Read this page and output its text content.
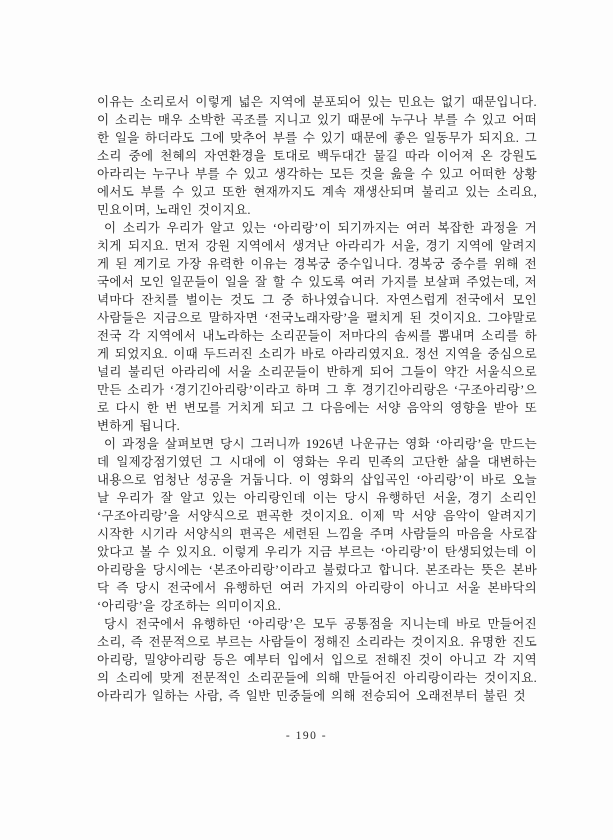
이유는 소리로서 이렇게 넓은 지역에 분포되어 있는 민요는 없기 때문입니다. 이 소리는 매우 소박한 곡조를 지니고 있기 때문에 누구나 부를 수 있고 어떠한 일을 하더라도 그에 맞추어 부를 수 있기 때문에 좋은 일동무가 되지요. 그 소리 중에 천혜의 자연환경을 토대로 백두대간 물길 따라 이어져 온 강원도 아라리는 누구나 부를 수 있고 생각하는 모든 것을 읊을 수 있고 어떠한 상황에서도 부를 수 있고 또한 현재까지도 계속 재생산되며 불리고 있는 소리요, 민요이며, 노래인 것이지요.

이 소리가 우리가 알고 있는 ‘아리랑’이 되기까지는 여러 복잡한 과정을 거치게 되지요. 먼저 강원 지역에서 생겨난 아라리가 서울, 경기 지역에 알려지게 된 계기로 가장 유력한 이유는 경복궁 중수입니다. 경복궁 중수를 위해 전국에서 모인 일꾼들이 일을 잘 할 수 있도록 여러 가지를 보살펴 주었는데, 저녁마다 잔치를 벌이는 것도 그 중 하나였습니다. 자연스럽게 전국에서 모인 사람들은 지금으로 말하자면 ‘전국노래자랑’을 펼치게 된 것이지요. 그야말로 전국 각 지역에서 내노라하는 소리꾼들이 저마다의 솜씨를 뽐내며 소리를 하게 되었지요. 이때 두드러진 소리가 바로 아라리였지요. 정선 지역을 중심으로 널리 불리던 아라리에 서울 소리꾼들이 반하게 되어 그들이 약간 서울식으로 만든 소리가 ‘경기긴아리랑’이라고 하며 그 후 경기긴아리랑은 ‘구조아리랑’으로 다시 한 번 변모를 거치게 되고 그 다음에는 서양 음악의 영향을 받아 또 변하게 됩니다.

이 과정을 살펴보면 당시 그러니까 1926년 나운규는 영화 ‘아리랑’을 만드는데 일제강점기였던 그 시대에 이 영화는 우리 민족의 고단한 삶을 대변하는 내용으로 엄청난 성공을 거둡니다. 이 영화의 삽입곡인 ‘아리랑’이 바로 오늘날 우리가 잘 알고 있는 아리랑인데 이는 당시 유행하던 서울, 경기 소리인 ‘구조아리랑’을 서양식으로 편곡한 것이지요. 이제 막 서양 음악이 알려지기 시작한 시기라 서양식의 편곡은 세련된 느낌을 주며 사람들의 마음을 사로잡았다고 볼 수 있지요. 이렇게 우리가 지금 부르는 ‘아리랑’이 탄생되었는데 이 아리랑을 당시에는 ‘본조아리랑’이라고 불렀다고 합니다. 본조라는 뜻은 본바닥 즉 당시 전국에서 유행하던 여러 가지의 아리랑이 아니고 서울 본바닥의 ‘아리랑’을 강조하는 의미이지요.

당시 전국에서 유행하던 ‘아리랑’은 모두 공통점을 지니는데 바로 만들어진 소리, 즉 전문적으로 부르는 사람들이 정해진 소리라는 것이지요. 유명한 진도아리랑, 밀양아리랑 등은 예부터 입에서 입으로 전해진 것이 아니고 각 지역의 소리에 맞게 전문적인 소리꾼들에 의해 만들어진 아리랑이라는 것이지요. 아라리가 일하는 사람, 즉 일반 민중들에 의해 전승되어 오래전부터 불린 것

- 190 -
